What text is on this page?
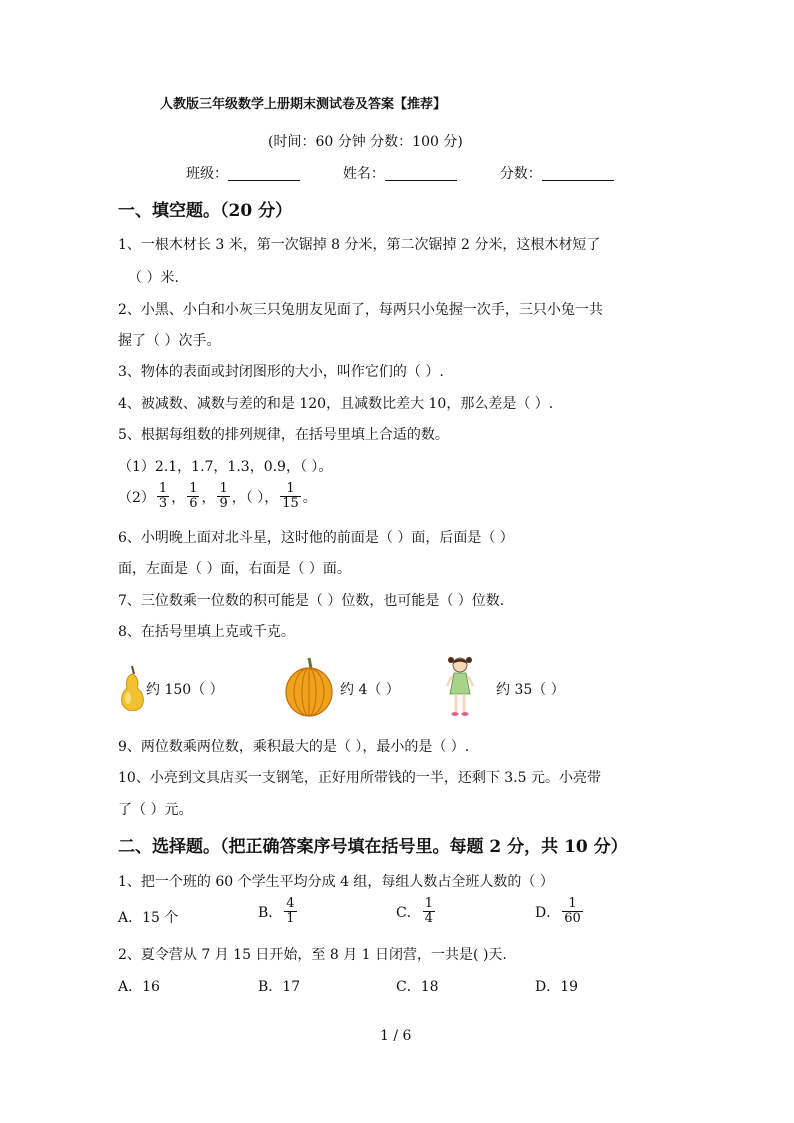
人教版三年级数学上册期末测试卷及答案【推荐】
(时间：60 分钟 分数：100 分)
班级：	姓名：	分数：
一、填空题。（20 分）
1、一根木材长 3 米，第一次锯掉 8 分米，第二次锯掉 2 分米，这根木材短了
（ ）米.
2、小黑、小白和小灰三只兔朋友见面了，每两只小兔握一次手，三只小兔一共
握了（ ）次手。
3、物体的表面或封闭图形的大小，叫作它们的（ ）.
4、被减数、减数与差的和是 120，且减数比差大 10，那么差是（ ）.
5、根据每组数的排列规律，在括号里填上合适的数。
（1）2.1，1.7，1.3，0.9，（ ）。
$(2) \frac{1}{3}$ ， $\frac{1}{6}$ ， $\frac{1}{9}$ ，（ ）， $\frac{1}{15}$ 。
6、小明晚上面对北斗星，这时他的前面是（ ）面，后面是（ ）
面，左面是（ ）面，右面是（ ）面。
7、三位数乘一位数的积可能是（ ）位数，也可能是（ ）位数.
8、在括号里填上克或千克。
约 150（ ）	约 4（ ）	约 35（ ）
9、两位数乘两位数，乘积最大的是（ ），最小的是（ ）.
10、小亮到文具店买一支钢笔，正好用所带钱的一半，还剩下 3.5 元。小亮带
了（ ）元。
二、选择题。（把正确答案序号填在括号里。每题 2 分，共 10 分）
1、把一个班的 60 个学生平均分成 4 组，每组人数占全班人数的（ ）
A．15 个	B． $\frac{4}{1}$	C． $\frac{1}{4}$	D． $\frac{1}{60}$
2、夏令营从 7 月 15 日开始，至 8 月 1 日闭营，一共是( )天.
A．16	B．17	C．18	D．19
1 / 6
